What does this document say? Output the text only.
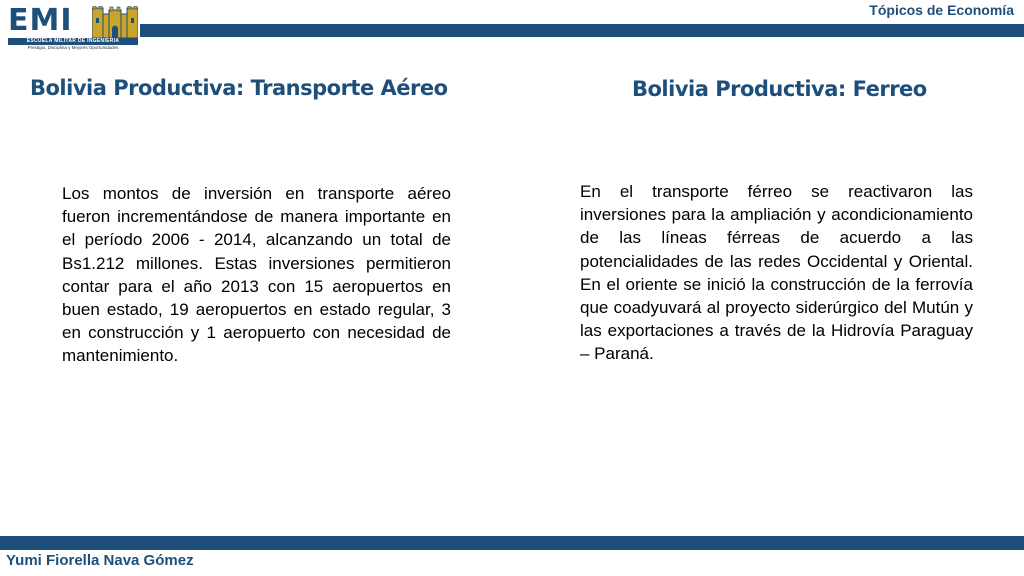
EMI
ESCUELA MILITAR DE INGENIERIA
Prestigio, Disciplina y Mejores Oportunidades
Tópicos de Economía
Bolivia Productiva: Transporte Aéreo	Bolivia Productiva: Ferreo

Los montos de inversión en transporte aéreo fueron incrementándose de manera importante en el período 2006 - 2014, alcanzando un total de Bs1.212 millones. Estas inversiones permitieron contar para el año 2013 con 15 aeropuertos en buen estado, 19 aeropuertos en estado regular, 3 en construcción y 1 aeropuerto con necesidad de mantenimiento.

En el transporte férreo se reactivaron las inversiones para la ampliación y acondicionamiento de las líneas férreas de acuerdo a las potencialidades de las redes Occidental y Oriental. En el oriente se inició la construcción de la ferrovía que coadyuvará al proyecto siderúrgico del Mutún y las exportaciones a través de la Hidrovía Paraguay – Paraná.

Yumi Fiorella Nava Gómez
